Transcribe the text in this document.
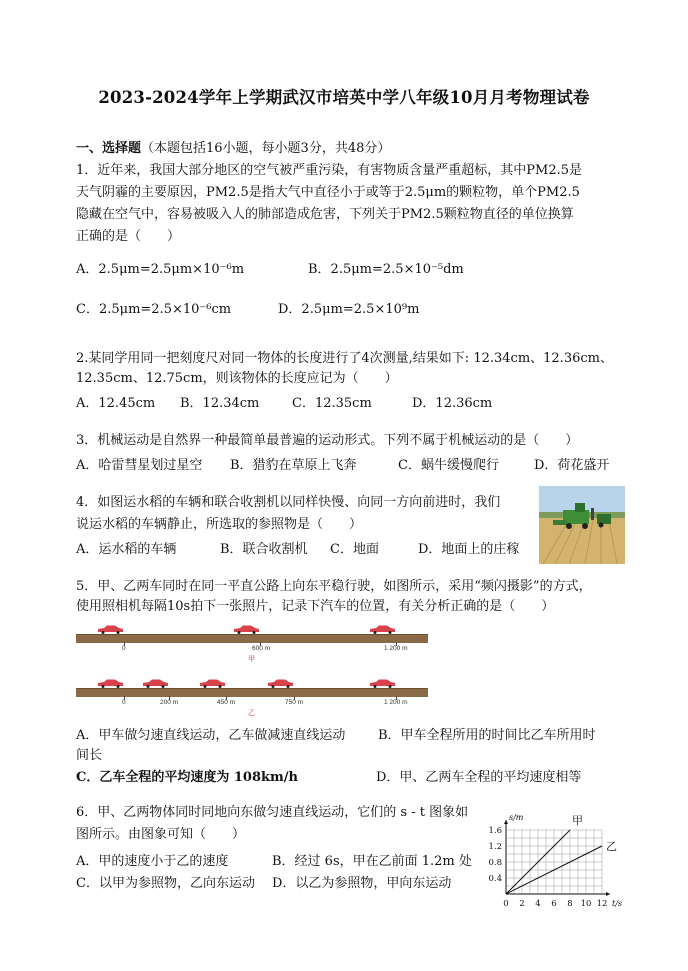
2023-2024学年上学期武汉市培英中学八年级10月月考物理试卷
一、选择题（本题包括16小题，每小题3分，共48分）
1．近年来，我国大部分地区的空气被严重污染，有害物质含量严重超标，其中PM2.5是
天气阴霾的主要原因，PM2.5是指大气中直径小于或等于2.5μm的颗粒物，单个PM2.5
隐藏在空气中，容易被吸入人的肺部造成危害，下列关于PM2.5颗粒物直径的单位换算
正确的是（　　）
A．2.5μm=2.5μm×10⁻⁶m	B．2.5μm=2.5×10⁻⁵dm
C．2.5μm=2.5×10⁻⁶cm	D．2.5μm=2.5×10⁹m
2.某同学用同一把刻度尺对同一物体的长度进行了4次测量,结果如下: 12.34cm、12.36cm、
12.35cm、12.75cm，则该物体的长度应记为（　　）
A．12.45cm B．12.34cm	C．12.35cm	D．12.36cm
3．机械运动是自然界一种最简单最普遍的运动形式。下列不属于机械运动的是（　　）
A．哈雷彗星划过星空 B．猎豹在草原上飞奔	C．蜗牛缓慢爬行	D．荷花盛开
4．如图运水稻的车辆和联合收割机以同样快慢、向同一方向前进时，我们
说运水稻的车辆静止，所选取的参照物是（　　）
A．运水稻的车辆	B．联合收割机 C．地面	D．地面上的庄稼
5．甲、乙两车同时在同一平直公路上向东平稳行驶，如图所示，采用“频闪摄影”的方式，
使用照相机每隔10s拍下一张照片，记录下汽车的位置，有关分析正确的是（　　）
0	600 m	1 200 m
甲
0	200 m	450 m	750 m	1 200 m
乙
A．甲车做匀速直线运动，乙车做减速直线运动	B．甲车全程所用的时间比乙车所用时
间长
C．乙车全程的平均速度为 108km/h	D．甲、乙两车全程的平均速度相等
6．甲、乙两物体同时同地向东做匀速直线运动，它们的 s - t 图象如
图所示。由图象可知（　　）
A．甲的速度小于乙的速度	B．经过 6s，甲在乙前面 1.2m 处
C．以甲为参照物，乙向东运动 D．以乙为参照物，甲向东运动
甲
乙
0 2 4 6 8 10 12
0.4
0.8
1.2
1.6
t/s
s/m
